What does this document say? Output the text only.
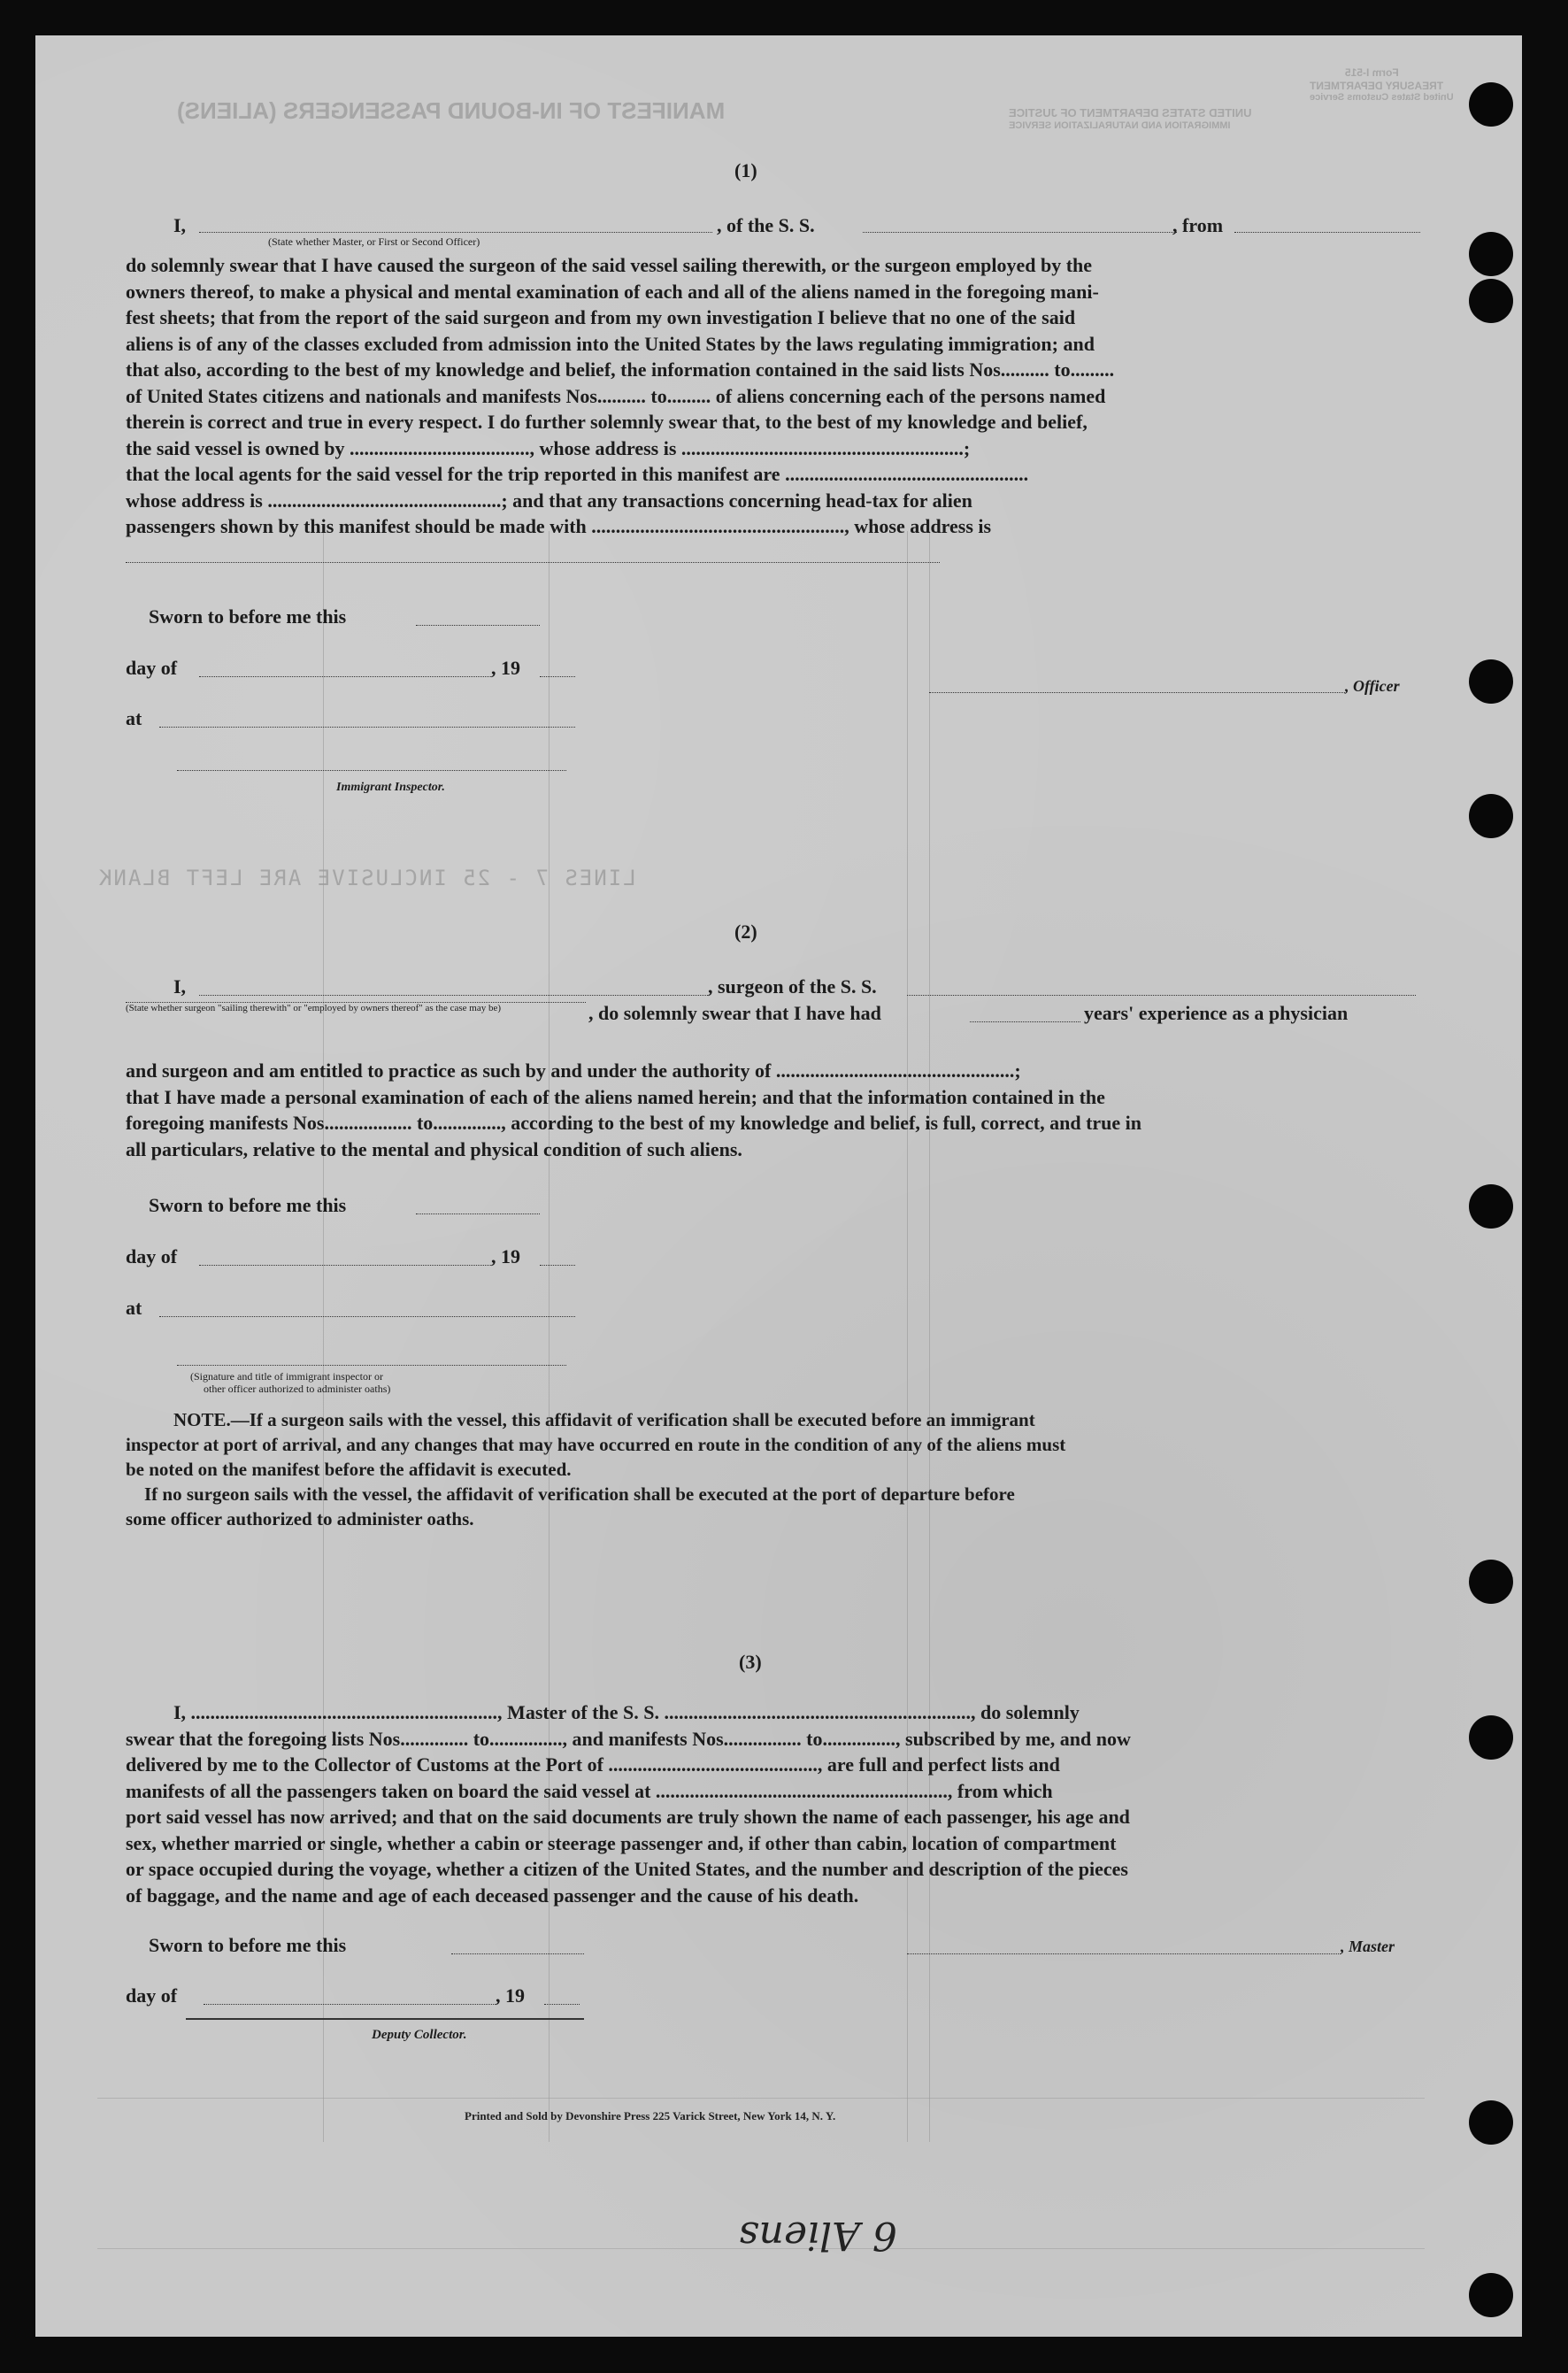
MANIFEST OF IN-BOUND PASSENGERS (ALIENS)	UNITED STATES DEPARTMENT OF JUSTICE
IMMIGRATION AND NATURALIZATION SERVICE
Form I-515
TREASURY DEPARTMENT
United States Customs Service
LINES 7 - 25 INCLUSIVE ARE LEFT BLANK
(1)
I,	, of the S. S.	, from
(State whether Master, or First or Second Officer)
do solemnly swear that I have caused the surgeon of the said vessel sailing therewith, or the surgeon employed by the
owners thereof, to make a physical and mental examination of each and all of the aliens named in the foregoing mani-
fest sheets; that from the report of the said surgeon and from my own investigation I believe that no one of the said
aliens is of any of the classes excluded from admission into the United States by the laws regulating immigration; and
that also, according to the best of my knowledge and belief, the information contained in the said lists Nos.......... to.........
of United States citizens and nationals and manifests Nos.......... to......... of aliens concerning each of the persons named
therein is correct and true in every respect. I do further solemnly swear that, to the best of my knowledge and belief,
the said vessel is owned by ....................................., whose address is ..........................................................;
that the local agents for the said vessel for the trip reported in this manifest are ..................................................
whose address is ................................................; and that any transactions concerning head-tax for alien
passengers shown by this manifest should be made with ...................................................., whose address is
Sworn to before me this
day of	, 19
at
, Officer
Immigrant Inspector.
(2)
I,	, surgeon of the S. S.
(State whether surgeon "sailing therewith" or "employed by owners thereof" as the case may be)	, do solemnly swear that I have had	years' experience as a physician
and surgeon and am entitled to practice as such by and under the authority of .................................................;
that I have made a personal examination of each of the aliens named herein; and that the information contained in the
foregoing manifests Nos.................. to.............., according to the best of my knowledge and belief, is full, correct, and true in
all particulars, relative to the mental and physical condition of such aliens.
Sworn to before me this
day of	, 19
at
(Signature and title of immigrant inspector or
other officer authorized to administer oaths)
NOTE.—If a surgeon sails with the vessel, this affidavit of verification shall be executed before an immigrant
inspector at port of arrival, and any changes that may have occurred en route in the condition of any of the aliens must
be noted on the manifest before the affidavit is executed.
If no surgeon sails with the vessel, the affidavit of verification shall be executed at the port of departure before
some officer authorized to administer oaths.
(3)
I, ..............................................................., Master of the S. S. ..............................................................., do solemnly
swear that the foregoing lists Nos.............. to..............., and manifests Nos................ to..............., subscribed by me, and now
delivered by me to the Collector of Customs at the Port of ..........................................., are full and perfect lists and
manifests of all the passengers taken on board the said vessel at ............................................................, from which
port said vessel has now arrived; and that on the said documents are truly shown the name of each passenger, his age and
sex, whether married or single, whether a cabin or steerage passenger and, if other than cabin, location of compartment
or space occupied during the voyage, whether a citizen of the United States, and the number and description of the pieces
of baggage, and the name and age of each deceased passenger and the cause of his death.
Sworn to before me this	, Master
day of	, 19
Deputy Collector.
Printed and Sold by Devonshire Press 225 Varick Street, New York 14, N. Y.
6 Aliens
